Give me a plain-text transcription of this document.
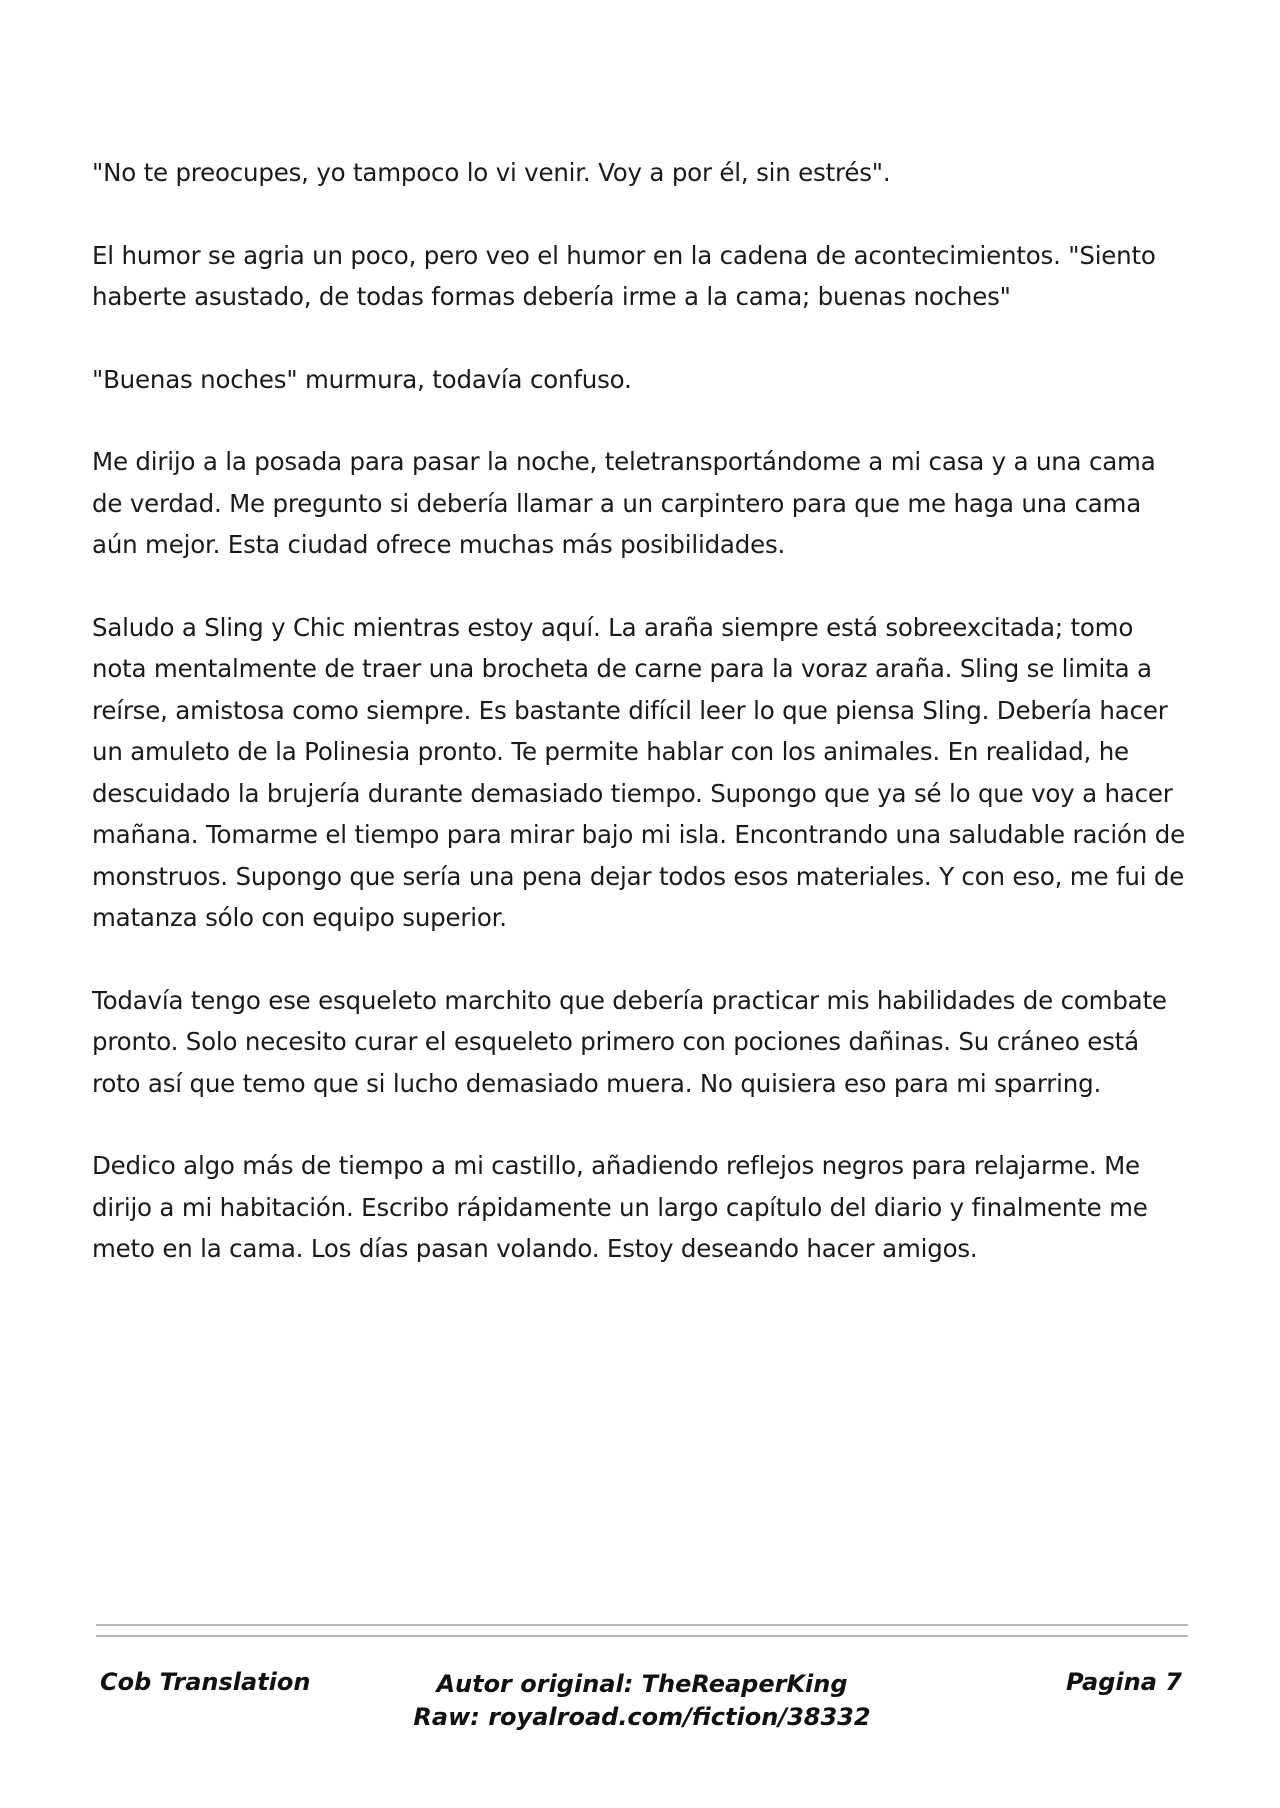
"No te preocupes, yo tampoco lo vi venir. Voy a por él, sin estrés".

El humor se agria un poco, pero veo el humor en la cadena de acontecimientos. "Siento haberte asustado, de todas formas debería irme a la cama; buenas noches"

"Buenas noches" murmura, todavía confuso.

Me dirijo a la posada para pasar la noche, teletransportándome a mi casa y a una cama de verdad. Me pregunto si debería llamar a un carpintero para que me haga una cama aún mejor. Esta ciudad ofrece muchas más posibilidades.

Saludo a Sling y Chic mientras estoy aquí. La araña siempre está sobreexcitada; tomo nota mentalmente de traer una brocheta de carne para la voraz araña. Sling se limita a reírse, amistosa como siempre. Es bastante difícil leer lo que piensa Sling. Debería hacer un amuleto de la Polinesia pronto. Te permite hablar con los animales. En realidad, he descuidado la brujería durante demasiado tiempo. Supongo que ya sé lo que voy a hacer mañana. Tomarme el tiempo para mirar bajo mi isla. Encontrando una saludable ración de monstruos. Supongo que sería una pena dejar todos esos materiales. Y con eso, me fui de matanza sólo con equipo superior.

Todavía tengo ese esqueleto marchito que debería practicar mis habilidades de combate pronto. Solo necesito curar el esqueleto primero con pociones dañinas. Su cráneo está roto así que temo que si lucho demasiado muera. No quisiera eso para mi sparring.

Dedico algo más de tiempo a mi castillo, añadiendo reflejos negros para relajarme. Me dirijo a mi habitación. Escribo rápidamente un largo capítulo del diario y finalmente me meto en la cama. Los días pasan volando. Estoy deseando hacer amigos.

Cob Translation	Autor original: TheReaperKing
Raw: royalroad.com/fiction/38332
Pagina 7
